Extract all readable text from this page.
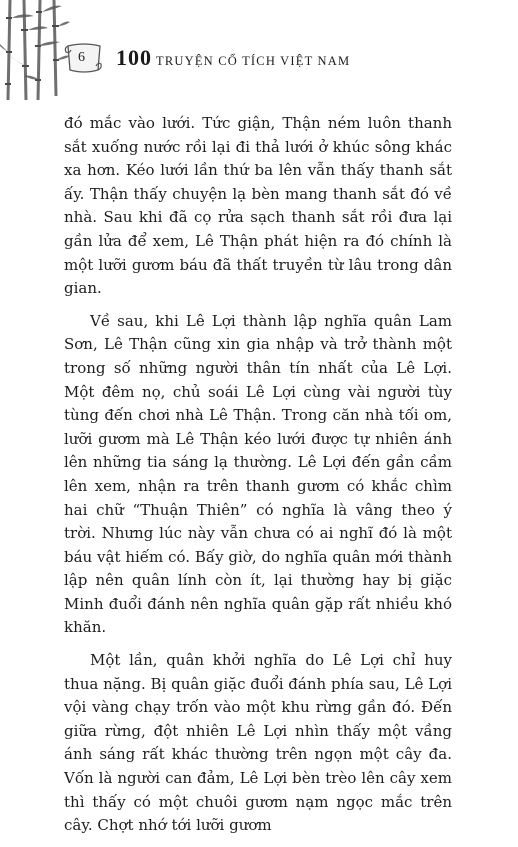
6 100 TRUYỆN CỔ TÍCH VIỆT NAM

đó mắc vào lưới. Tức giận, Thận ném luôn thanh sắt xuống nước rồi lại đi thả lưới ở khúc sông khác xa hơn. Kéo lưới lần thứ ba lên vẫn thấy thanh sắt ấy. Thận thấy chuyện lạ bèn mang thanh sắt đó về nhà. Sau khi đã cọ rửa sạch thanh sắt rồi đưa lại gần lửa để xem, Lê Thận phát hiện ra đó chính là một lưỡi gươm báu đã thất truyền từ lâu trong dân gian.

Về sau, khi Lê Lợi thành lập nghĩa quân Lam Sơn, Lê Thận cũng xin gia nhập và trở thành một trong số những người thân tín nhất của Lê Lợi. Một đêm nọ, chủ soái Lê Lợi cùng vài người tùy tùng đến chơi nhà Lê Thận. Trong căn nhà tối om, lưỡi gươm mà Lê Thận kéo lưới được tự nhiên ánh lên những tia sáng lạ thường. Lê Lợi đến gần cầm lên xem, nhận ra trên thanh gươm có khắc chìm hai chữ “Thuận Thiên” có nghĩa là vâng theo ý trời. Nhưng lúc này vẫn chưa có ai nghĩ đó là một báu vật hiếm có. Bấy giờ, do nghĩa quân mới thành lập nên quân lính còn ít, lại thường hay bị giặc Minh đuổi đánh nên nghĩa quân gặp rất nhiều khó khăn.

Một lần, quân khởi nghĩa do Lê Lợi chỉ huy thua nặng. Bị quân giặc đuổi đánh phía sau, Lê Lợi vội vàng chạy trốn vào một khu rừng gần đó. Đến giữa rừng, đột nhiên Lê Lợi nhìn thấy một vầng ánh sáng rất khác thường trên ngọn một cây đa. Vốn là người can đảm, Lê Lợi bèn trèo lên cây xem thì thấy có một chuôi gươm nạm ngọc mắc trên cây. Chợt nhớ tới lưỡi gươm
